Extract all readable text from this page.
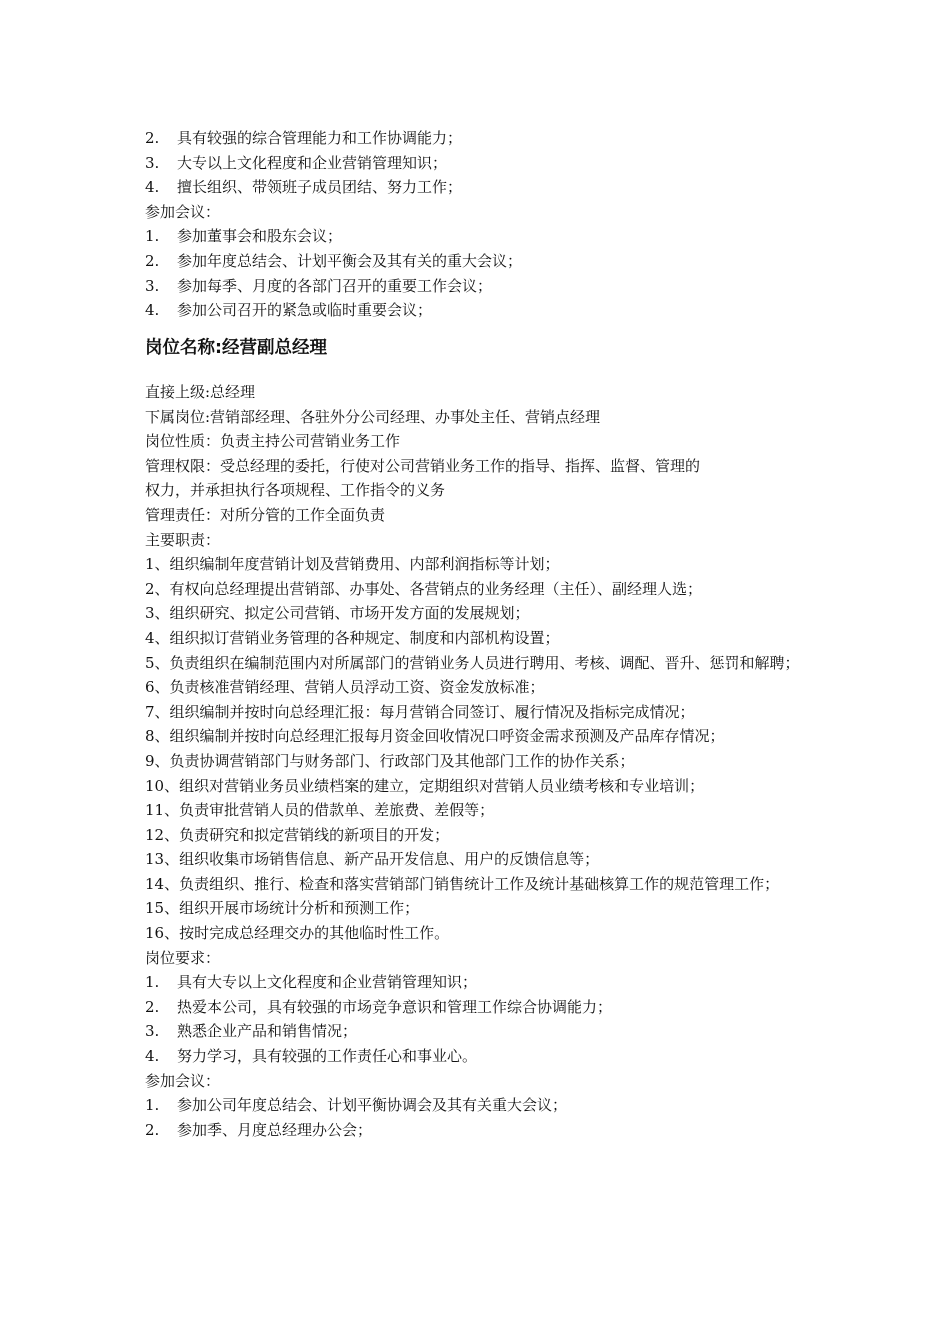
2. 具有较强的综合管理能力和工作协调能力；
3. 大专以上文化程度和企业营销管理知识；
4. 擅长组织、带领班子成员团结、努力工作；
参加会议：
1. 参加董事会和股东会议；
2. 参加年度总结会、计划平衡会及其有关的重大会议；
3. 参加每季、月度的各部门召开的重要工作会议；
4. 参加公司召开的紧急或临时重要会议；
岗位名称:经营副总经理
直接上级:总经理
下属岗位:营销部经理、各驻外分公司经理、办事处主任、营销点经理
岗位性质：负责主持公司营销业务工作
管理权限：受总经理的委托，行使对公司营销业务工作的指导、指挥、监督、管理的
权力，并承担执行各项规程、工作指令的义务
管理责任：对所分管的工作全面负责
主要职责：
1、组织编制年度营销计划及营销费用、内部利润指标等计划；
2、有权向总经理提出营销部、办事处、各营销点的业务经理（主任）、副经理人选；
3、组织研究、拟定公司营销、市场开发方面的发展规划；
4、组织拟订营销业务管理的各种规定、制度和内部机构设置；
5、负责组织在编制范围内对所属部门的营销业务人员进行聘用、考核、调配、晋升、惩罚和解聘；
6、负责核准营销经理、营销人员浮动工资、资金发放标准；
7、组织编制并按时向总经理汇报：每月营销合同签订、履行情况及指标完成情况；
8、组织编制并按时向总经理汇报每月资金回收情况口呼资金需求预测及产品库存情况；
9、负责协调营销部门与财务部门、行政部门及其他部门工作的协作关系；
10、组织对营销业务员业绩档案的建立，定期组织对营销人员业绩考核和专业培训；
11、负责审批营销人员的借款单、差旅费、差假等；
12、负责研究和拟定营销线的新项目的开发；
13、组织收集市场销售信息、新产品开发信息、用户的反馈信息等；
14、负责组织、推行、检查和落实营销部门销售统计工作及统计基础核算工作的规范管理工作；
15、组织开展市场统计分析和预测工作；
16、按时完成总经理交办的其他临时性工作。
岗位要求：
1. 具有大专以上文化程度和企业营销管理知识；
2. 热爱本公司，具有较强的市场竞争意识和管理工作综合协调能力；
3. 熟悉企业产品和销售情况；
4. 努力学习，具有较强的工作责任心和事业心。
参加会议：
1. 参加公司年度总结会、计划平衡协调会及其有关重大会议；
2. 参加季、月度总经理办公会；
